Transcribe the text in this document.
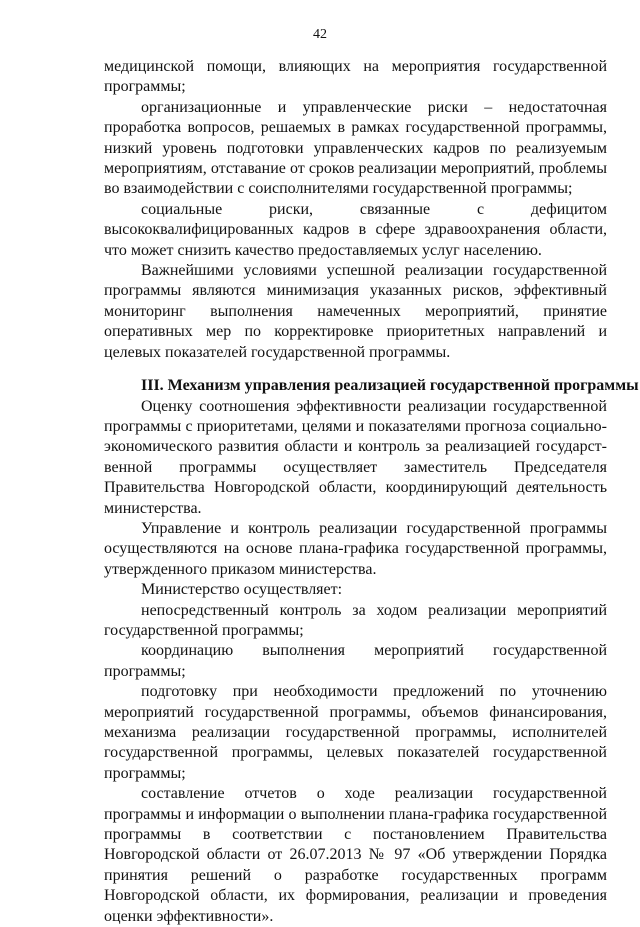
42

медицинской помощи, влияющих на мероприятия государственной программы;

организационные и управленческие риски – недостаточная проработка вопросов, решаемых в рамках государственной программы, низкий уровень подготовки управленческих кадров по реализуемым мероприятиям, отставание от сроков реализации мероприятий, проблемы во взаимодействии с соисполнителями государственной программы;

социальные риски, связанные с дефицитом высококвалифицированных кадров в сфере здравоохранения области, что может снизить качество предоставляемых услуг населению.

Важнейшими условиями успешной реализации государственной программы являются минимизация указанных рисков, эффективный мониторинг выполнения намеченных мероприятий, принятие оперативных мер по корректировке приоритетных направлений и целевых показателей государственной программы.

III. Механизм управления реализацией государственной программы

Оценку соотношения эффективности реализации государственной программы с приоритетами, целями и показателями прогноза социально-экономического развития области и контроль за реализацией государст-венной программы осуществляет заместитель Председателя Правительства Новгородской области, координирующий деятельность министерства.

Управление и контроль реализации государственной программы осуществляются на основе плана-графика государственной программы, утвержденного приказом министерства.

Министерство осуществляет:

непосредственный контроль за ходом реализации мероприятий государственной программы;

координацию выполнения мероприятий государственной программы;

подготовку при необходимости предложений по уточнению мероприятий государственной программы, объемов финансирования, механизма реализации государственной программы, исполнителей государственной программы, целевых показателей государственной программы;

составление отчетов о ходе реализации государственной программы и информации о выполнении плана-графика государственной программы в соответствии с постановлением Правительства Новгородской области от 26.07.2013 № 97 «Об утверждении Порядка принятия решений о разработке государственных программ Новгородской области, их формирования, реализации и проведения оценки эффективности».
